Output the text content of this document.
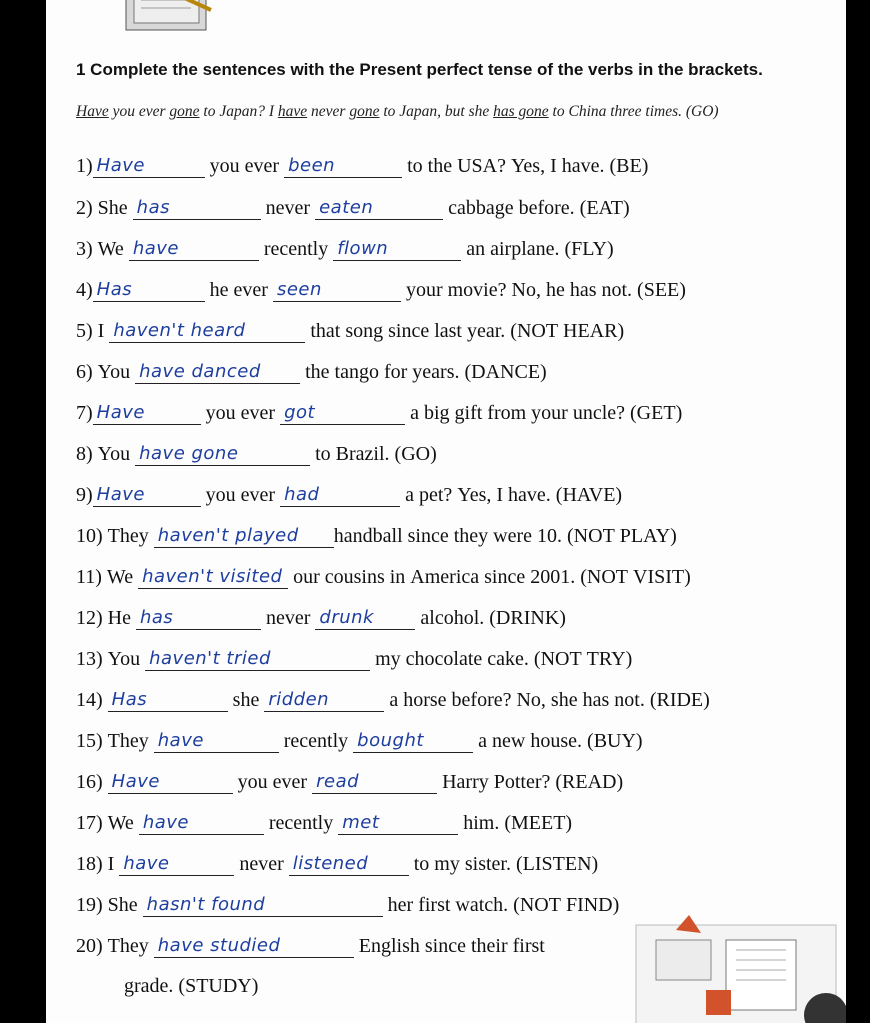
1 Complete the sentences with the Present perfect tense of the verbs in the brackets.
Have you ever gone to Japan? I have never gone to Japan, but she has gone to China three times. (GO)
1) Have	you ever been	to the USA? Yes, I have. (BE)
2) She has	never eaten	cabbage before. (EAT)
3) We have	recently flown	an airplane. (FLY)
4) Has	he ever seen	your movie? No, he has not. (SEE)
5) I haven't heard	that song since last year. (NOT HEAR)
6) You have danced the tango for years. (DANCE)
7) Have	you ever got	a big gift from your uncle? (GET)
8) You have gone	to Brazil. (GO)
9) Have	you ever had	a pet? Yes, I have. (HAVE)
10) They haven't played handball since they were 10. (NOT PLAY)
11) We haven't visited our cousins in America since 2001. (NOT VISIT)
12) He has	never drunk alcohol. (DRINK)
13) You haven't tried	my chocolate cake. (NOT TRY)
14) Has	she ridden	a horse before? No, she has not. (RIDE)
15) They have	recently bought a new house. (BUY)
16) Have	you ever read	Harry Potter? (READ)
17) We have	recently met	him. (MEET)
18) I have	never listened to my sister. (LISTEN)
19) She hasn't found	her first watch. (NOT FIND)
20) They have studied	English since their first
grade. (STUDY)
